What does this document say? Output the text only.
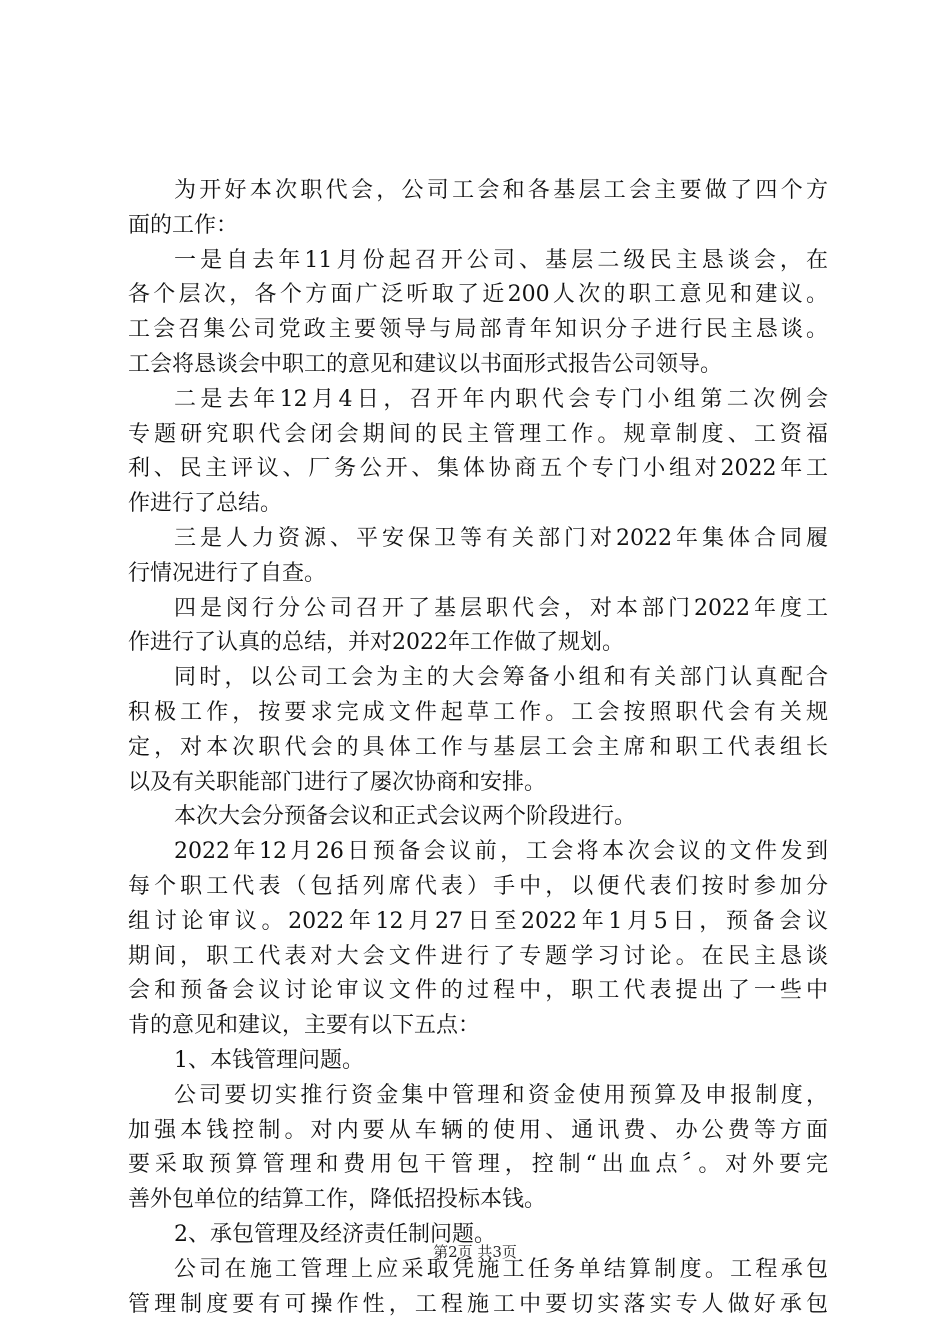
为开好本次职代会，公司工会和各基层工会主要做了四个方
面的工作：
一是自去年11月份起召开公司、基层二级民主恳谈会，在
各个层次，各个方面广泛听取了近200人次的职工意见和建议。
工会召集公司党政主要领导与局部青年知识分子进行民主恳谈。
工会将恳谈会中职工的意见和建议以书面形式报告公司领导。
二是去年12月4日，召开年内职代会专门小组第二次例会
专题研究职代会闭会期间的民主管理工作。规章制度、工资福
利、民主评议、厂务公开、集体协商五个专门小组对2022年工
作进行了总结。
三是人力资源、平安保卫等有关部门对2022年集体合同履
行情况进行了自查。
四是闵行分公司召开了基层职代会，对本部门2022年度工
作进行了认真的总结，并对2022年工作做了规划。
同时，以公司工会为主的大会筹备小组和有关部门认真配合
积极工作，按要求完成文件起草工作。工会按照职代会有关规
定，对本次职代会的具体工作与基层工会主席和职工代表组长
以及有关职能部门进行了屡次协商和安排。
本次大会分预备会议和正式会议两个阶段进行。
2022年12月26日预备会议前，工会将本次会议的文件发到
每个职工代表（包括列席代表）手中，以便代表们按时参加分
组讨论审议。2022年12月27日至2022年1月5日，预备会议
期间，职工代表对大会文件进行了专题学习讨论。在民主恳谈
会和预备会议讨论审议文件的过程中，职工代表提出了一些中
肯的意见和建议，主要有以下五点：
1、本钱管理问题。
公司要切实推行资金集中管理和资金使用预算及申报制度，
加强本钱控制。对内要从车辆的使用、通讯费、办公费等方面
要采取预算管理和费用包干管理，控制“出血点〞。对外要完
善外包单位的结算工作，降低招投标本钱。
2、承包管理及经济责任制问题。
公司在施工管理上应采取凭施工任务单结算制度。工程承包
管理制度要有可操作性，工程施工中要切实落实专人做好承包
第2页 共3页
